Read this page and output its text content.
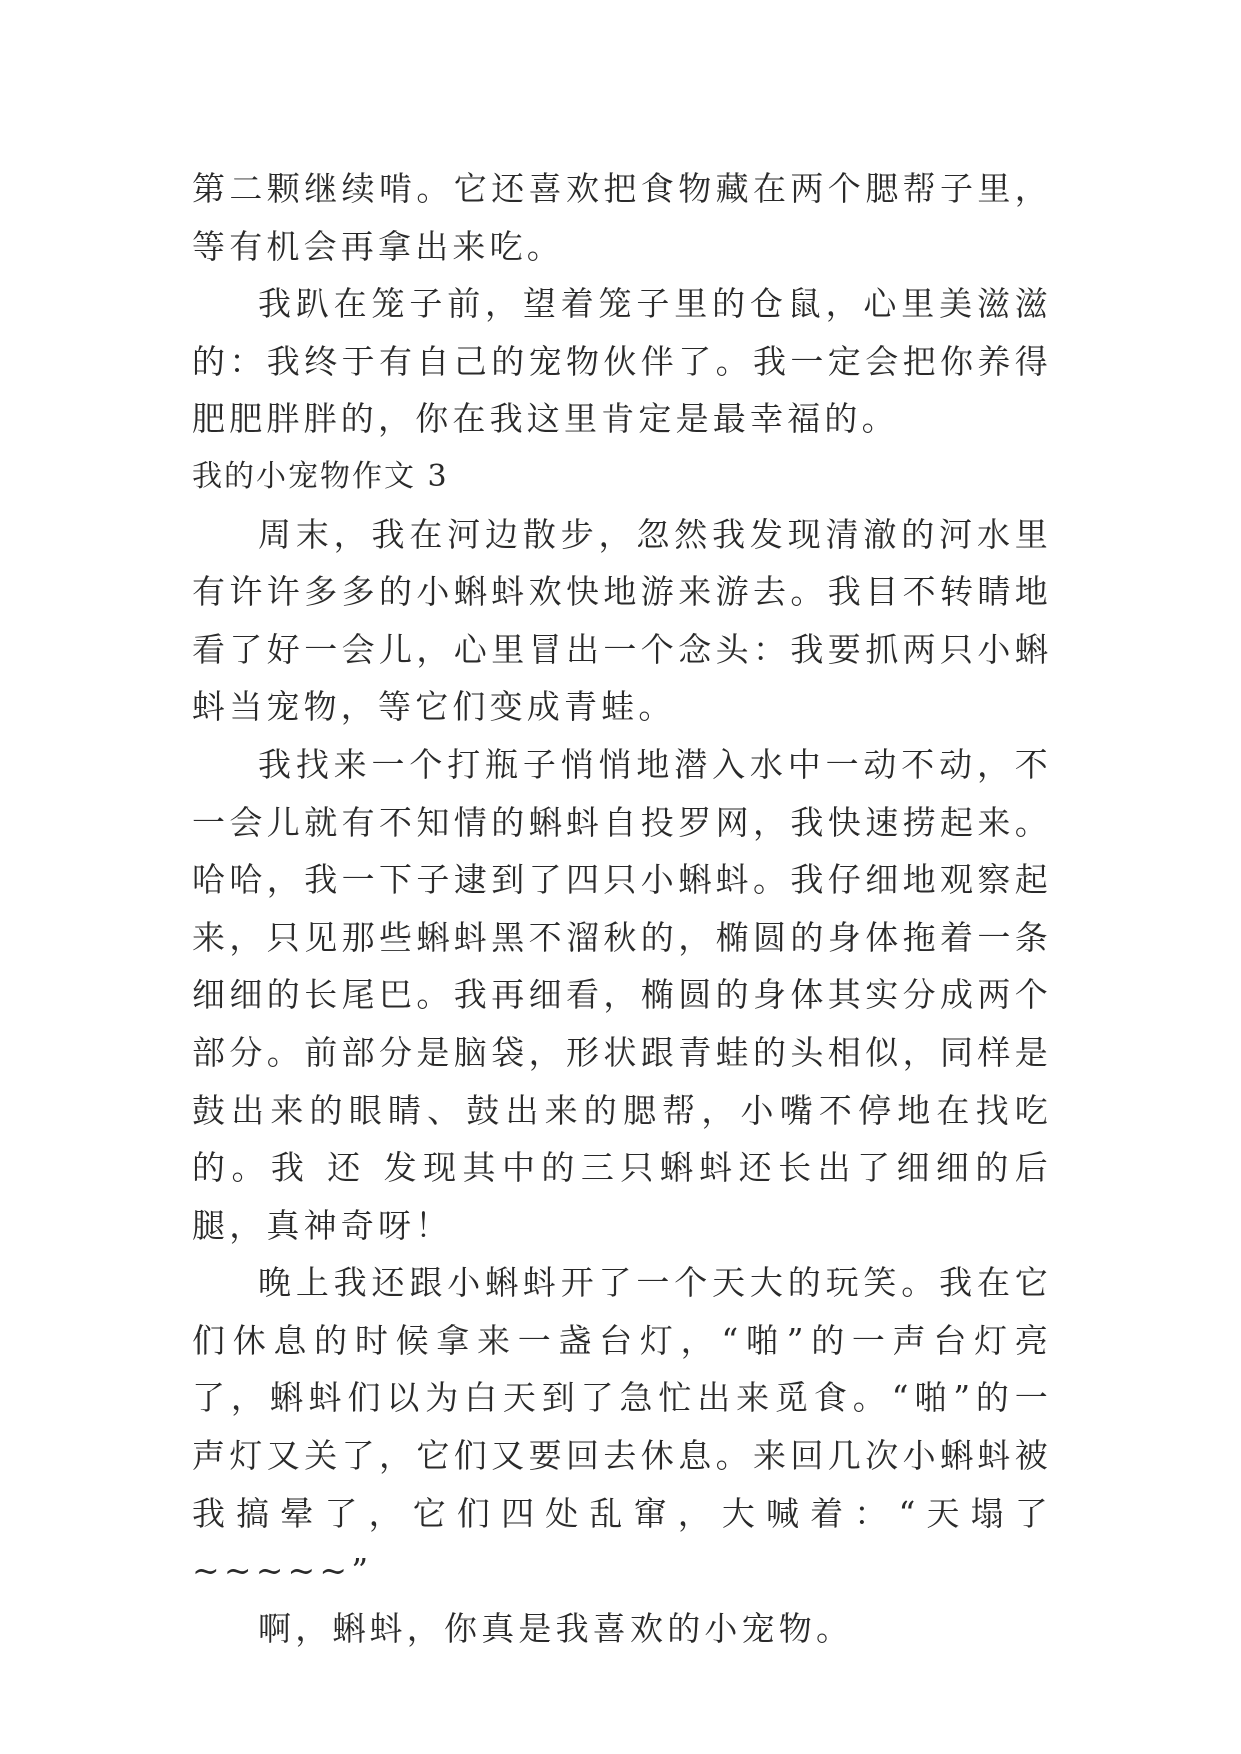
第二颗继续啃。它还喜欢把食物藏在两个腮帮子里，等有机会再拿出来吃。

我趴在笼子前，望着笼子里的仓鼠，心里美滋滋的：我终于有自己的宠物伙伴了。我一定会把你养得肥肥胖胖的，你在我这里肯定是最幸福的。

我的小宠物作文 3

周末，我在河边散步，忽然我发现清澈的河水里有许许多多的小蝌蚪欢快地游来游去。我目不转睛地看了好一会儿，心里冒出一个念头：我要抓两只小蝌蚪当宠物，等它们变成青蛙。

我找来一个打瓶子悄悄地潜入水中一动不动，不一会儿就有不知情的蝌蚪自投罗网，我快速捞起来。哈哈，我一下子逮到了四只小蝌蚪。我仔细地观察起来，只见那些蝌蚪黑不溜秋的，椭圆的身体拖着一条细细的长尾巴。我再细看，椭圆的身体其实分成两个部分。前部分是脑袋，形状跟青蛙的头相似，同样是鼓出来的眼睛、鼓出来的腮帮，小嘴不停地在找吃的。我 还 发现其中的三只蝌蚪还长出了细细的后腿，真神奇呀！

晚上我还跟小蝌蚪开了一个天大的玩笑。我在它们休息的时候拿来一盏台灯，“啪”的一声台灯亮了，蝌蚪们以为白天到了急忙出来觅食。“啪”的一声灯又关了，它们又要回去休息。来回几次小蝌蚪被我搞晕了，它们四处乱窜，大喊着：“天塌了~~~~~”

啊，蝌蚪，你真是我喜欢的小宠物。
